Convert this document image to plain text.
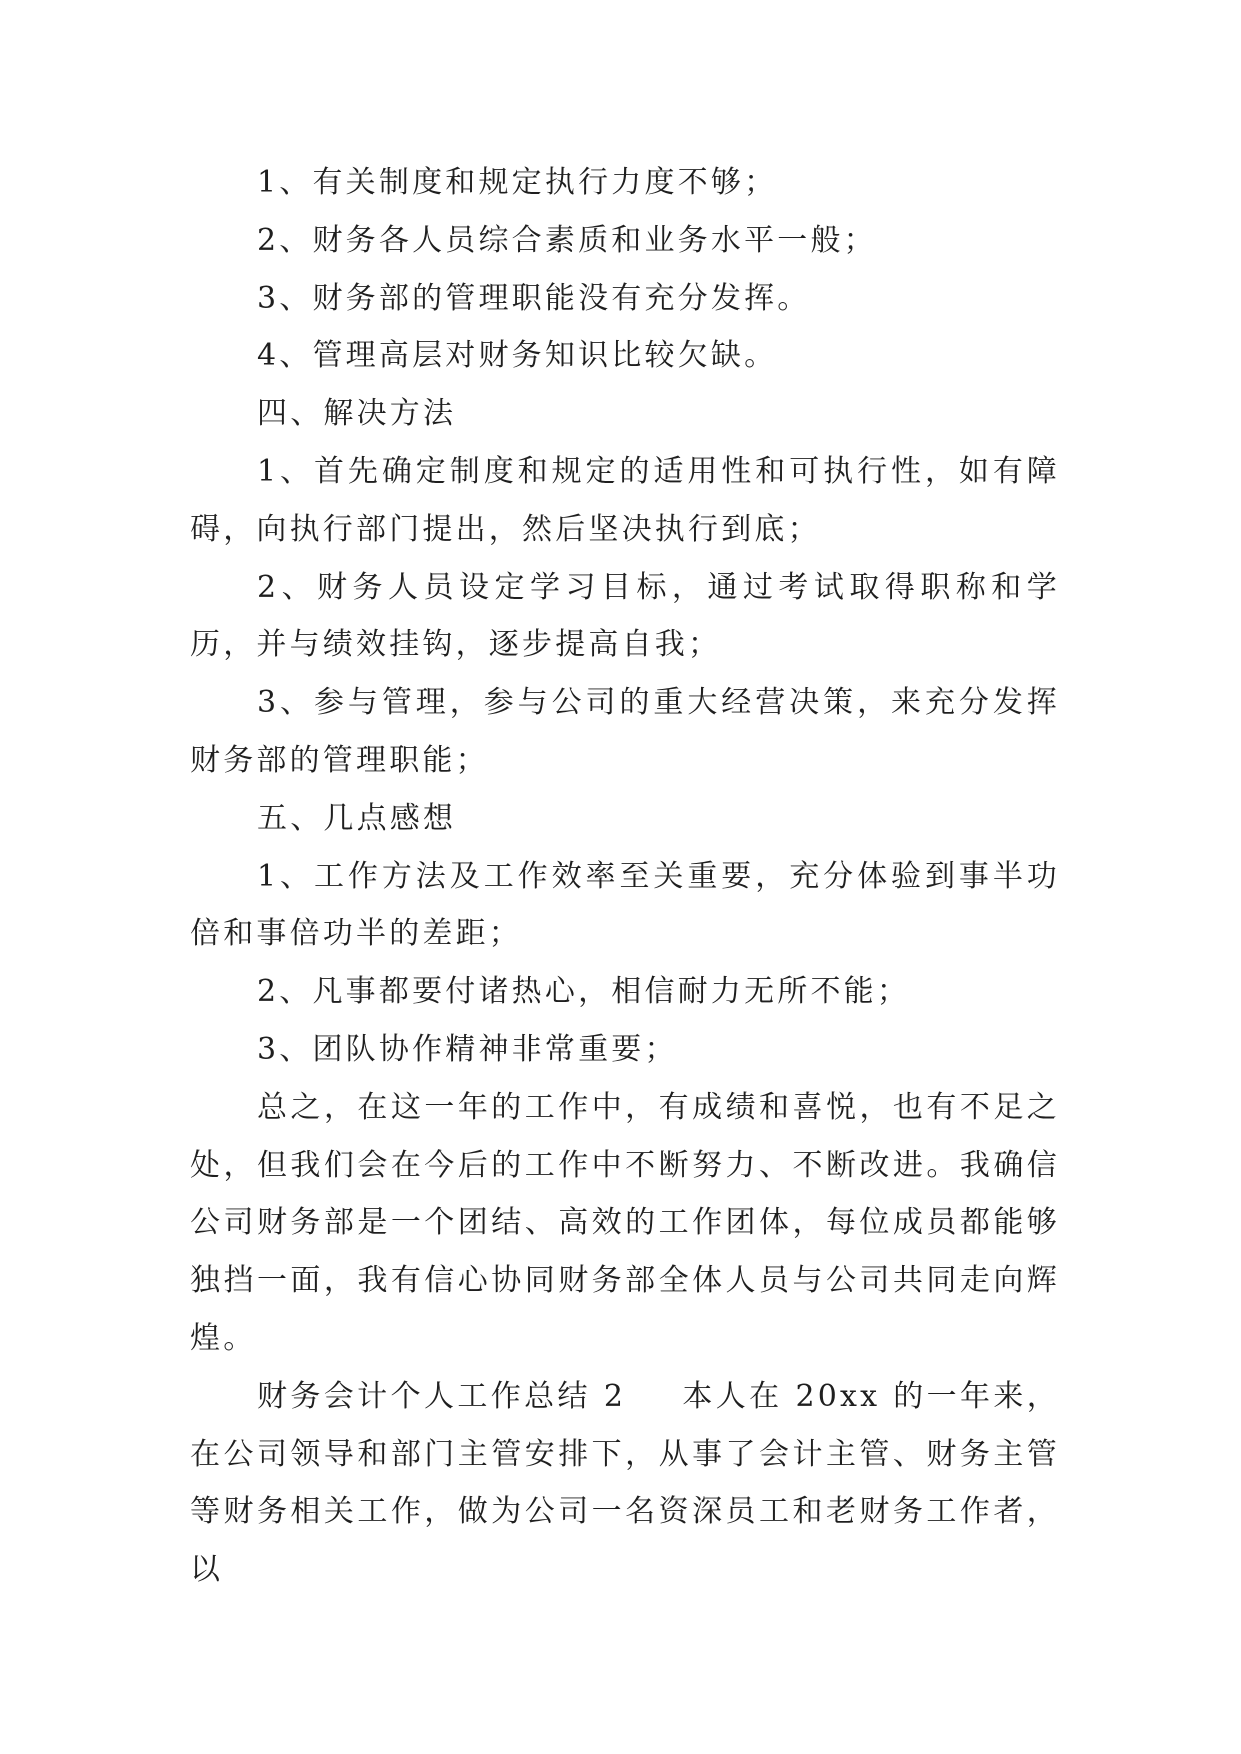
1、有关制度和规定执行力度不够；

2、财务各人员综合素质和业务水平一般；

3、财务部的管理职能没有充分发挥。

4、管理高层对财务知识比较欠缺。

四、解决方法

1、首先确定制度和规定的适用性和可执行性，如有障碍，向执行部门提出，然后坚决执行到底；

2、财务人员设定学习目标，通过考试取得职称和学历，并与绩效挂钩，逐步提高自我；

3、参与管理，参与公司的重大经营决策，来充分发挥财务部的管理职能；

五、几点感想

1、工作方法及工作效率至关重要，充分体验到事半功倍和事倍功半的差距；

2、凡事都要付诸热心，相信耐力无所不能；

3、团队协作精神非常重要；

总之，在这一年的工作中，有成绩和喜悦，也有不足之处，但我们会在今后的工作中不断努力、不断改进。我确信公司财务部是一个团结、高效的工作团体，每位成员都能够独挡一面，我有信心协同财务部全体人员与公司共同走向辉煌。

财务会计个人工作总结 2 本人在 20xx 的一年来，在公司领导和部门主管安排下，从事了会计主管、财务主管等财务相关工作，做为公司一名资深员工和老财务工作者，以
